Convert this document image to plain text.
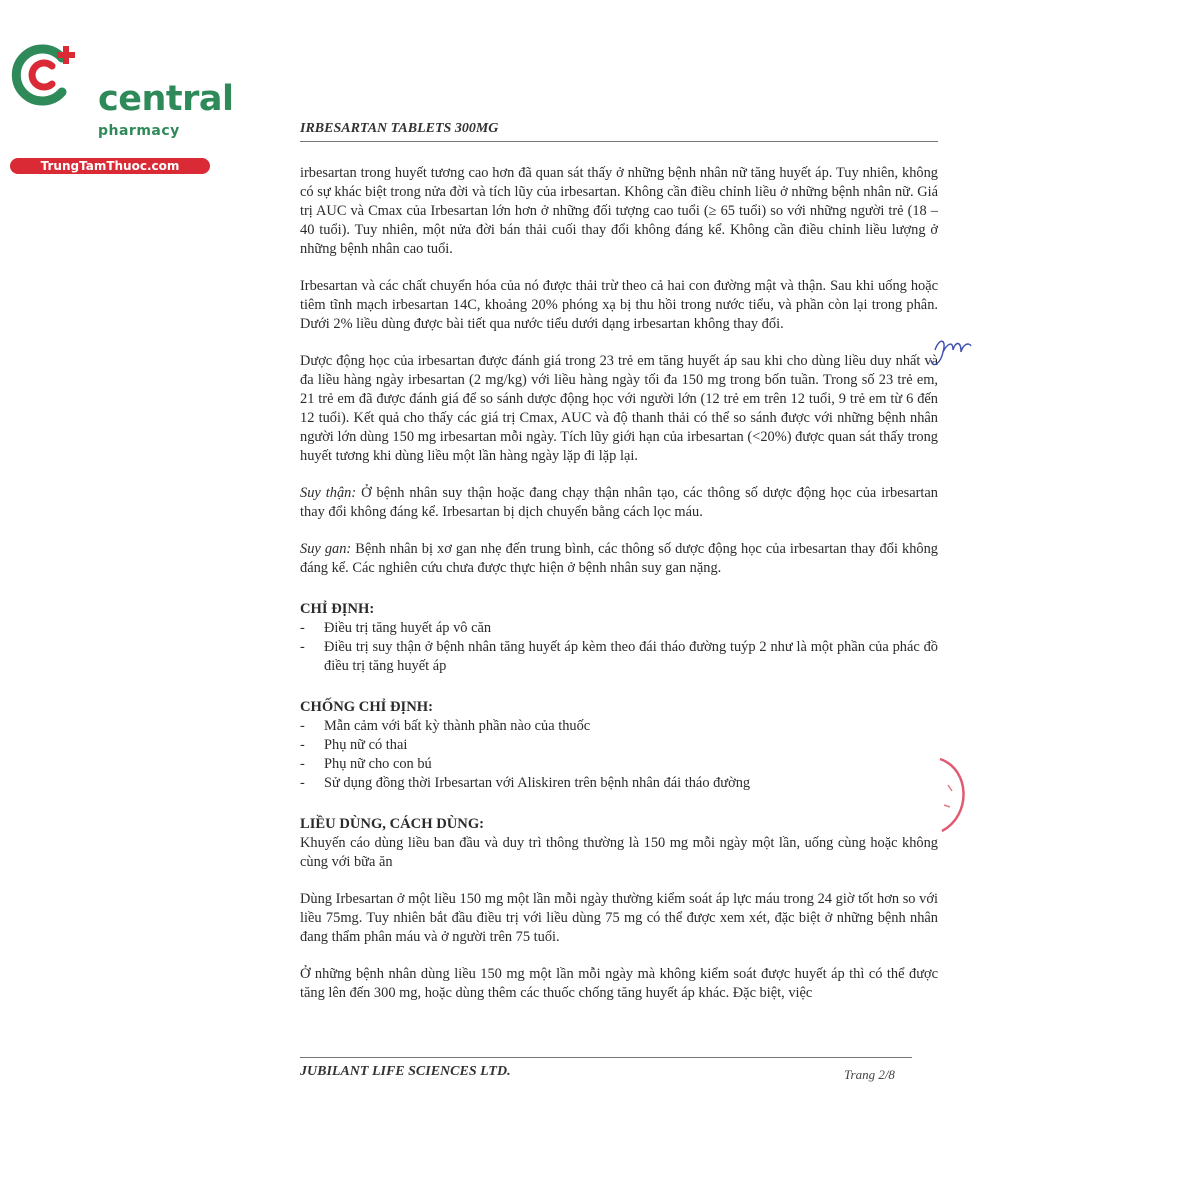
central
pharmacy
TrungTamThuoc.com
IRBESARTAN TABLETS 300MG

irbesartan trong huyết tương cao hơn đã quan sát thấy ở những bệnh nhân nữ tăng huyết áp. Tuy nhiên, không có sự khác biệt trong nửa đời và tích lũy của irbesartan. Không cần điều chỉnh liều ở những bệnh nhân nữ. Giá trị AUC và Cmax của Irbesartan lớn hơn ở những đối tượng cao tuổi (≥ 65 tuổi) so với những người trẻ (18 – 40 tuổi). Tuy nhiên, một nửa đời bán thải cuối thay đổi không đáng kể. Không cần điều chỉnh liều lượng ở những bệnh nhân cao tuổi.

Irbesartan và các chất chuyển hóa của nó được thải trừ theo cả hai con đường mật và thận. Sau khi uống hoặc tiêm tĩnh mạch irbesartan 14C, khoảng 20% phóng xạ bị thu hồi trong nước tiểu, và phần còn lại trong phân. Dưới 2% liều dùng được bài tiết qua nước tiểu dưới dạng irbesartan không thay đổi.

Dược động học của irbesartan được đánh giá trong 23 trẻ em tăng huyết áp sau khi cho dùng liều duy nhất và đa liều hàng ngày irbesartan (2 mg/kg) với liều hàng ngày tối đa 150 mg trong bốn tuần. Trong số 23 trẻ em, 21 trẻ em đã được đánh giá để so sánh dược động học với người lớn (12 trẻ em trên 12 tuổi, 9 trẻ em từ 6 đến 12 tuổi). Kết quả cho thấy các giá trị Cmax, AUC và độ thanh thải có thể so sánh được với những bệnh nhân người lớn dùng 150 mg irbesartan mỗi ngày. Tích lũy giới hạn của irbesartan (<20%) được quan sát thấy trong huyết tương khi dùng liều một lần hàng ngày lặp đi lặp lại.

Suy thận: Ở bệnh nhân suy thận hoặc đang chạy thận nhân tạo, các thông số dược động học của irbesartan thay đổi không đáng kể. Irbesartan bị dịch chuyển bằng cách lọc máu.

Suy gan: Bệnh nhân bị xơ gan nhẹ đến trung bình, các thông số dược động học của irbesartan thay đổi không đáng kể. Các nghiên cứu chưa được thực hiện ở bệnh nhân suy gan nặng.

CHỈ ĐỊNH:
- Điều trị tăng huyết áp vô căn
- Điều trị suy thận ở bệnh nhân tăng huyết áp kèm theo đái tháo đường tuýp 2 như là một phần của phác đồ điều trị tăng huyết áp
CHỐNG CHỈ ĐỊNH:
- Mẫn cảm với bất kỳ thành phần nào của thuốc
- Phụ nữ có thai
- Phụ nữ cho con bú
- Sử dụng đồng thời Irbesartan với Aliskiren trên bệnh nhân đái tháo đường
LIỀU DÙNG, CÁCH DÙNG:

Khuyến cáo dùng liều ban đầu và duy trì thông thường là 150 mg mỗi ngày một lần, uống cùng hoặc không cùng với bữa ăn

Dùng Irbesartan ở một liều 150 mg một lần mỗi ngày thường kiểm soát áp lực máu trong 24 giờ tốt hơn so với liều 75mg. Tuy nhiên bắt đầu điều trị với liều dùng 75 mg có thể được xem xét, đặc biệt ở những bệnh nhân đang thẩm phân máu và ở người trên 75 tuổi.

Ở những bệnh nhân dùng liều 150 mg một lần mỗi ngày mà không kiểm soát được huyết áp thì có thể được tăng lên đến 300 mg, hoặc dùng thêm các thuốc chống tăng huyết áp khác. Đặc biệt, việc

JUBILANT LIFE SCIENCES LTD.	Trang 2/8
